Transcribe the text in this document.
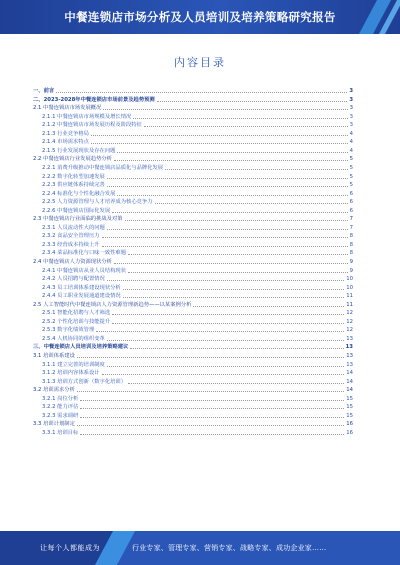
中餐连锁店市场分析及人员培训及培养策略研究报告
内容目录
一、前言	3
二、2023-2028年中餐连锁店市场前景及趋势预测	3
2.1 中餐连锁店市场发展概况	3
2.1.1 中餐连锁店市场规模及增长情况	3
2.1.2 中餐连锁店市场发展历程及阶段特征	3
2.1.3 行业竞争格局	4
2.1.4 市场需求特点	4
2.1.5 行业发展现状及存在问题	4
2.2 中餐连锁店行业发展趋势分析	5
2.2.1 消费升级推动中餐连锁店品质化与品牌化发展	5
2.2.2 数字化转型加速发展	5
2.2.3 供应链体系持续完善	5
2.2.4 标准化与个性化融合发展	6
2.2.5 人力资源管理与人才培养成为核心竞争力	6
2.2.6 中餐连锁店国际化发展	6
2.3 中餐连锁店行业面临的挑战及对策	7
2.3.1 人员流动性大的问题	7
2.3.2 食品安全管理压力	8
2.3.3 经营成本持续上升	8
2.3.4 菜品标准化与口味一致性难题	8
2.4 中餐连锁店人力资源现状分析	9
2.4.1 中餐连锁店从业人员结构现状	9
2.4.2 人员招聘与配置情况	10
2.4.3 员工培训体系建设现状分析	10
2.4.4 员工职业发展通道建设情况	11
2.5 人工智能时代中餐连锁店人力资源管理新趋势——以某案例分析	11
2.5.1 智能化招聘与人才筛选	12
2.5.2 个性化培训与技能提升	12
2.5.3 数字化绩效管理	12
2.5.4 人机协同的组织变革	13
三、中餐连锁店人员培训及培养策略建议	13
3.1 培训体系建设	13
3.1.1 建立完善的培训制度	13
3.1.2 培训内容体系设计	14
3.1.3 培训方式创新（数字化培训）	14
3.2 培训需求分析	14
3.2.1 岗位分析	15
3.2.2 能力评估	15
3.2.3 需求调研	15
3.3 培训计划制定	16
3.3.1 培训目标	16
让每个人都能成为	行业专家、管理专家、营销专家、战略专家、成功企业家……
